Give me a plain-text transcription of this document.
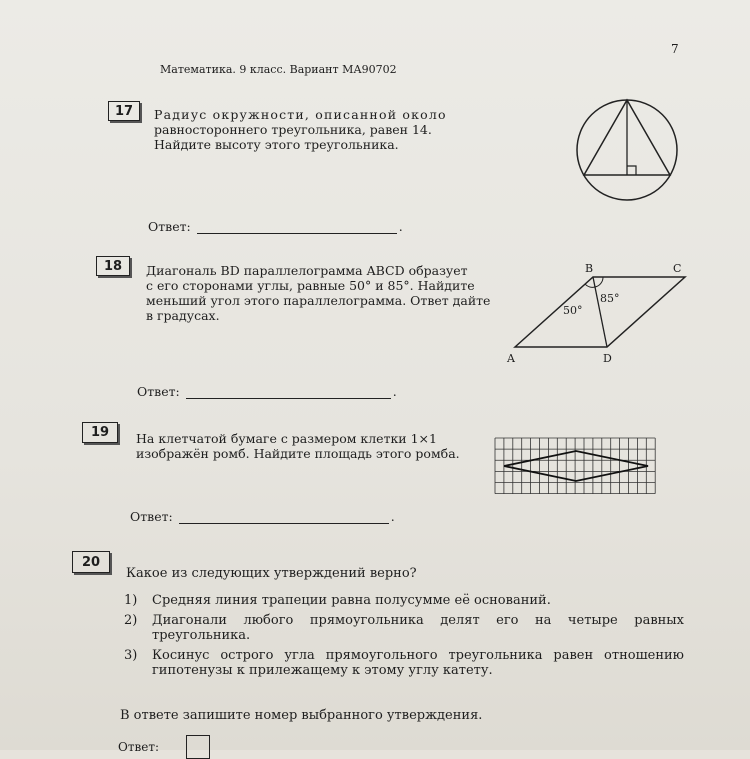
7
Математика. 9 класс. Вариант МА90702
17	Радиус окружности, описанной около
равностороннего треугольника, равен 14.
Найдите высоту этого треугольника.
Ответ:	.
18	Диагональ BD параллелограмма ABCD образует
с его сторонами углы, равные 50° и 85°. Найдите
меньший угол этого параллелограмма. Ответ дайте
в градусах.
B	C
A	D
50°
85°
Ответ:	.
19	На клетчатой бумаге с размером клетки 1×1
изображён ромб. Найдите площадь этого ромба.
Ответ:	.
20
Какое из следующих утверждений верно?
1)	Средняя линия трапеции равна полусумме её оснований.
2)	Диагонали любого прямоугольника делят его на четыре равных треугольника.
3)	Косинус острого угла прямоугольного треугольника равен отношению гипотенузы к прилежащему к этому углу катету.
В ответе запишите номер выбранного утверждения.
Ответ:
